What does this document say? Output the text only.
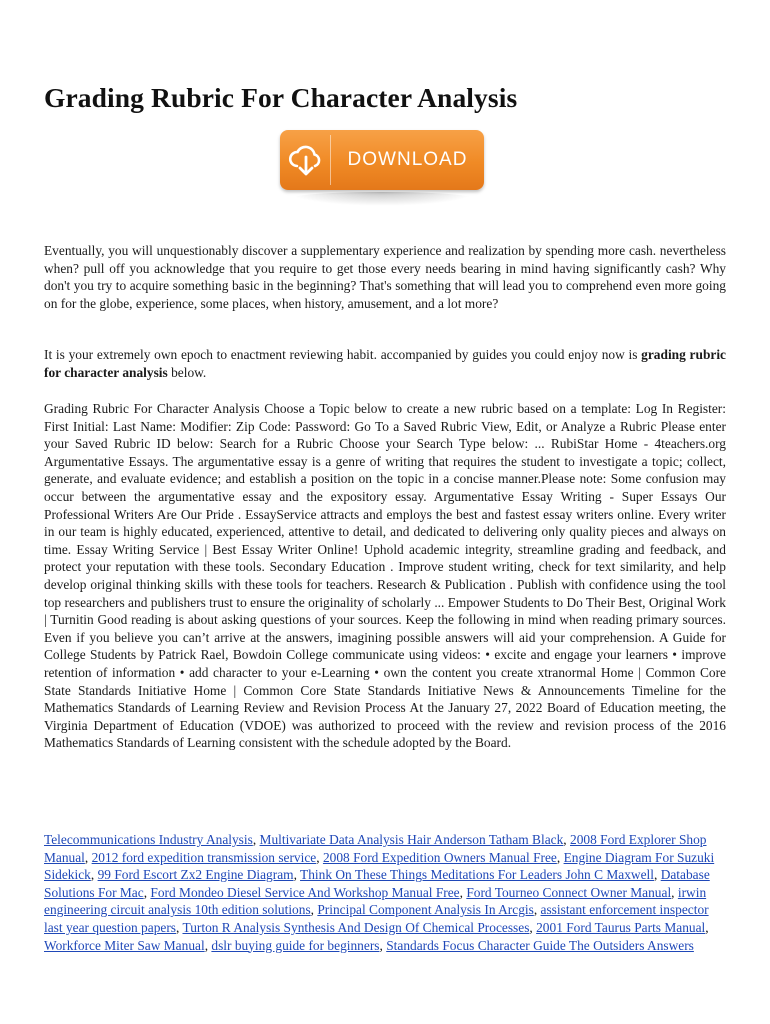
Grading Rubric For Character Analysis
DOWNLOAD

Eventually, you will unquestionably discover a supplementary experience and realization by spending more cash. nevertheless when? pull off you acknowledge that you require to get those every needs bearing in mind having significantly cash? Why don't you try to acquire something basic in the beginning? That's something that will lead you to comprehend even more going on for the globe, experience, some places, when history, amusement, and a lot more?

It is your extremely own epoch to enactment reviewing habit. accompanied by guides you could enjoy now is grading rubric for character analysis below.

Grading Rubric For Character Analysis Choose a Topic below to create a new rubric based on a template: Log In Register: First Initial: Last Name: Modifier: Zip Code: Password: Go To a Saved Rubric View, Edit, or Analyze a Rubric Please enter your Saved Rubric ID below: Search for a Rubric Choose your Search Type below: ... RubiStar Home - 4teachers.org Argumentative Essays. The argumentative essay is a genre of writing that requires the student to investigate a topic; collect, generate, and evaluate evidence; and establish a position on the topic in a concise manner.Please note: Some confusion may occur between the argumentative essay and the expository essay. Argumentative Essay Writing - Super Essays Our Professional Writers Are Our Pride . EssayService attracts and employs the best and fastest essay writers online. Every writer in our team is highly educated, experienced, attentive to detail, and dedicated to delivering only quality pieces and always on time. Essay Writing Service | Best Essay Writer Online! Uphold academic integrity, streamline grading and feedback, and protect your reputation with these tools. Secondary Education . Improve student writing, check for text similarity, and help develop original thinking skills with these tools for teachers. Research & Publication . Publish with confidence using the tool top researchers and publishers trust to ensure the originality of scholarly ... Empower Students to Do Their Best, Original Work | Turnitin Good reading is about asking questions of your sources. Keep the following in mind when reading primary sources. Even if you believe you can’t arrive at the answers, imagining possible answers will aid your comprehension. A Guide for College Students by Patrick Rael, Bowdoin College communicate using videos: • excite and engage your learners • improve retention of information • add character to your e-Learning • own the content you create xtranormal Home | Common Core State Standards Initiative Home | Common Core State Standards Initiative News & Announcements Timeline for the Mathematics Standards of Learning Review and Revision Process At the January 27, 2022 Board of Education meeting, the Virginia Department of Education (VDOE) was authorized to proceed with the review and revision process of the 2016 Mathematics Standards of Learning consistent with the schedule adopted by the Board.

Telecommunications Industry Analysis, Multivariate Data Analysis Hair Anderson Tatham Black, 2008 Ford Explorer Shop Manual, 2012 ford expedition transmission service, 2008 Ford Expedition Owners Manual Free, Engine Diagram For Suzuki Sidekick, 99 Ford Escort Zx2 Engine Diagram, Think On These Things Meditations For Leaders John C Maxwell, Database Solutions For Mac, Ford Mondeo Diesel Service And Workshop Manual Free, Ford Tourneo Connect Owner Manual, irwin engineering circuit analysis 10th edition solutions, Principal Component Analysis In Arcgis, assistant enforcement inspector last year question papers, Turton R Analysis Synthesis And Design Of Chemical Processes, 2001 Ford Taurus Parts Manual, Workforce Miter Saw Manual, dslr buying guide for beginners, Standards Focus Character Guide The Outsiders Answers
